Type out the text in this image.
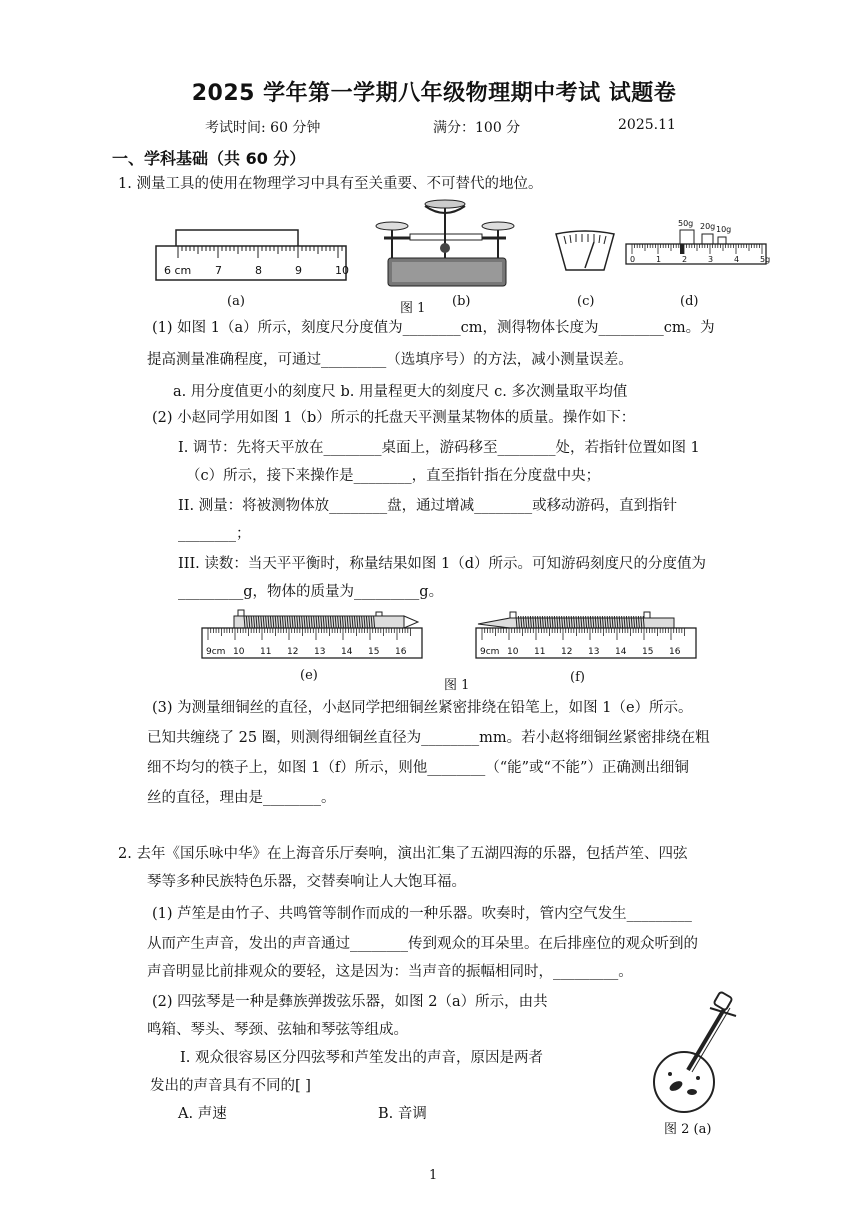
2025 学年第一学期八年级物理期中考试 试题卷
考试时间: 60 分钟	满分：100 分	2025.11
一、学科基础（共 60 分）
1. 测量工具的使用在物理学习中具有至关重要、不可替代的地位。
6 cm 7	8	9	10
(a)	图 1 (b)	(c)
50g 20g 10g
0	1	2	3	4	5g
(d)
(1) 如图 1（a）所示，刻度尺分度值为________cm，测得物体长度为_________cm。为
提高测量准确程度，可通过_________（选填序号）的方法，减小测量误差。
a. 用分度值更小的刻度尺 b. 用量程更大的刻度尺 c. 多次测量取平均值
(2) 小赵同学用如图 1（b）所示的托盘天平测量某物体的质量。操作如下：
I. 调节：先将天平放在________桌面上，游码移至________处，若指针位置如图 1
（c）所示，接下来操作是________，直至指针指在分度盘中央；
II. 测量：将被测物体放________盘，通过增减________或移动游码，直到指针
________；
III. 读数：当天平平衡时，称量结果如图 1（d）所示。可知游码刻度尺的分度值为
_________g，物体的质量为_________g。
9cm 10 11 12 13 14 15 16	9cm 10 11 12 13 14 15 16
(e)
图 1
(f)
(3) 为测量细铜丝的直径，小赵同学把细铜丝紧密排绕在铅笔上，如图 1（e）所示。
已知共缠绕了 25 圈，则测得细铜丝直径为________mm。若小赵将细铜丝紧密排绕在粗
细不均匀的筷子上，如图 1（f）所示，则他________（“能”或“不能”）正确测出细铜
丝的直径，理由是________。
2. 去年《国乐咏中华》在上海音乐厅奏响，演出汇集了五湖四海的乐器，包括芦笙、四弦
琴等多种民族特色乐器，交替奏响让人大饱耳福。
(1) 芦笙是由竹子、共鸣管等制作而成的一种乐器。吹奏时，管内空气发生_________
从而产生声音，发出的声音通过________传到观众的耳朵里。在后排座位的观众听到的
声音明显比前排观众的要轻，这是因为：当声音的振幅相同时，_________。
(2) 四弦琴是一种是彝族弹拨弦乐器，如图 2（a）所示，由共
鸣箱、琴头、琴颈、弦轴和琴弦等组成。
I. 观众很容易区分四弦琴和芦笙发出的声音，原因是两者
发出的声音具有不同的[ ]
A. 声速	B. 音调
图 2 (a)
1
